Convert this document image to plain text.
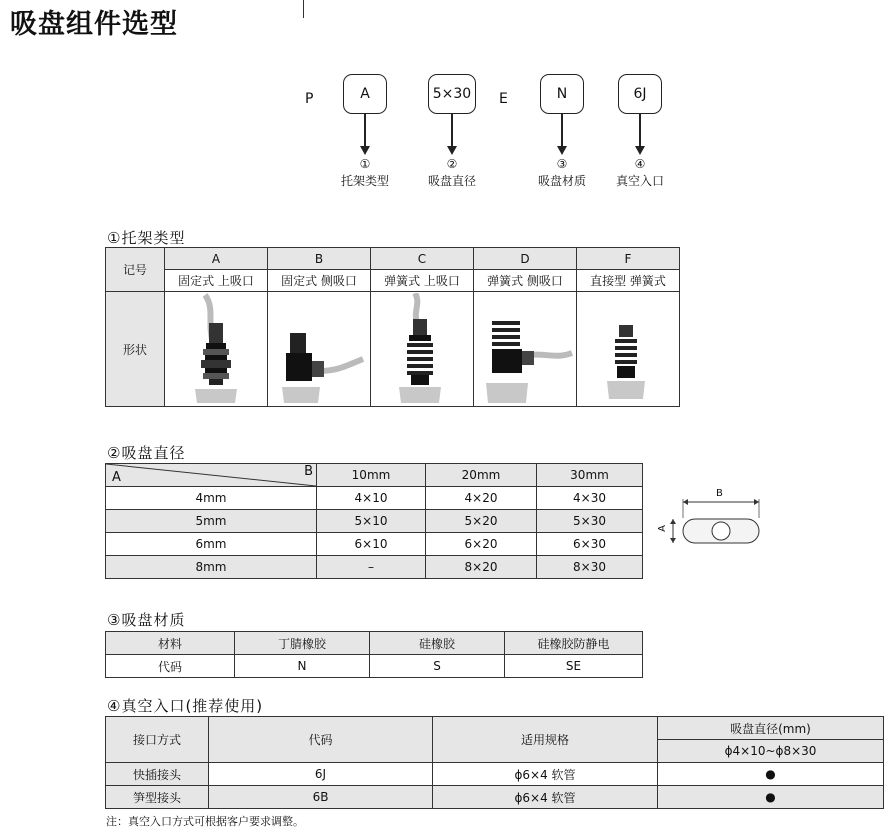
吸盘组件选型
P	A
①
托架类型
5×30
②
吸盘直径
E	N
③
吸盘材质
6J
④
真空入口
①托架类型
记号	A	B	C	D	F
	固定式 上吸口	固定式 侧吸口	弹簧式 上吸口	弹簧式 侧吸口	直接型 弹簧式
形状	

②吸盘直径
A B	10mm	20mm	30mm
4mm	4×10	4×20	4×30
5mm	5×10	5×20	5×30
6mm	6×10	6×20	6×30
8mm	–	8×20	8×30
B
A
③吸盘材质
材料	丁腈橡胶	硅橡胶	硅橡胶防静电
代码	N	S	SE
④真空入口(推荐使用)
接口方式	代码	适用规格	吸盘直径(mm)
			ϕ4×10~ϕ8×30
快插接头	6J	ϕ6×4 软管	●
笋型接头	6B	ϕ6×4 软管	●
注：真空入口方式可根据客户要求调整。
